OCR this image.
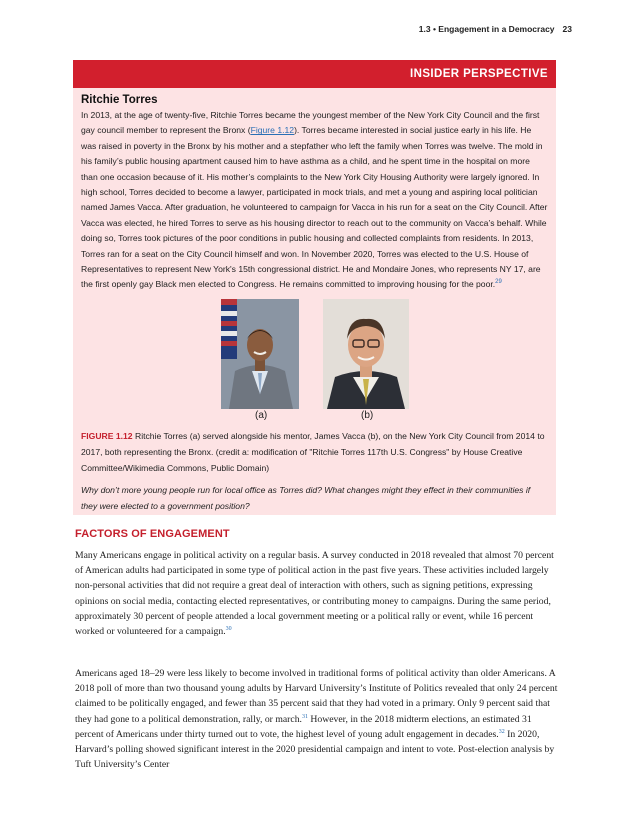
1.3 • Engagement in a Democracy 23
INSIDER PERSPECTIVE
Ritchie Torres

In 2013, at the age of twenty-five, Ritchie Torres became the youngest member of the New York City Council and the first gay council member to represent the Bronx (Figure 1.12). Torres became interested in social justice early in his life. He was raised in poverty in the Bronx by his mother and a stepfather who left the family when Torres was twelve. The mold in his family’s public housing apartment caused him to have asthma as a child, and he spent time in the hospital on more than one occasion because of it. His mother’s complaints to the New York City Housing Authority were largely ignored. In high school, Torres decided to become a lawyer, participated in mock trials, and met a young and aspiring local politician named James Vacca. After graduation, he volunteered to campaign for Vacca in his run for a seat on the City Council. After Vacca was elected, he hired Torres to serve as his housing director to reach out to the community on Vacca’s behalf. While doing so, Torres took pictures of the poor conditions in public housing and collected complaints from residents. In 2013, Torres ran for a seat on the City Council himself and won. In November 2020, Torres was elected to the U.S. House of Representatives to represent New York's 15th congressional district. He and Mondaire Jones, who represents NY 17, are the first openly gay Black men elected to Congress. He remains committed to improving housing for the poor.$^{29}$

(a)	(b)

FIGURE 1.12 Ritchie Torres (a) served alongside his mentor, James Vacca (b), on the New York City Council from 2014 to 2017, both representing the Bronx. (credit a: modification of "Ritchie Torres 117th U.S. Congress" by House Creative Committee/Wikimedia Commons, Public Domain)

Why don’t more young people run for local office as Torres did? What changes might they effect in their communities if they were elected to a government position?

FACTORS OF ENGAGEMENT

Many Americans engage in political activity on a regular basis. A survey conducted in 2018 revealed that almost 70 percent of American adults had participated in some type of political action in the past five years. These activities included largely non-personal activities that did not require a great deal of interaction with others, such as signing petitions, expressing opinions on social media, contacting elected representatives, or contributing money to campaigns. During the same period, approximately 30 percent of people attended a local government meeting or a political rally or event, while 16 percent worked or volunteered for a campaign.$^{30}$

Americans aged 18–29 were less likely to become involved in traditional forms of political activity than older Americans. A 2018 poll of more than two thousand young adults by Harvard University’s Institute of Politics revealed that only 24 percent claimed to be politically engaged, and fewer than 35 percent said that they had voted in a primary. Only 9 percent said that they had gone to a political demonstration, rally, or march.$^{31}$ However, in the 2018 midterm elections, an estimated 31 percent of Americans under thirty turned out to vote, the highest level of young adult engagement in decades.$^{32}$ In 2020, Harvard’s polling showed significant interest in the 2020 presidential campaign and intent to vote. Post-election analysis by Tuft University’s Center
